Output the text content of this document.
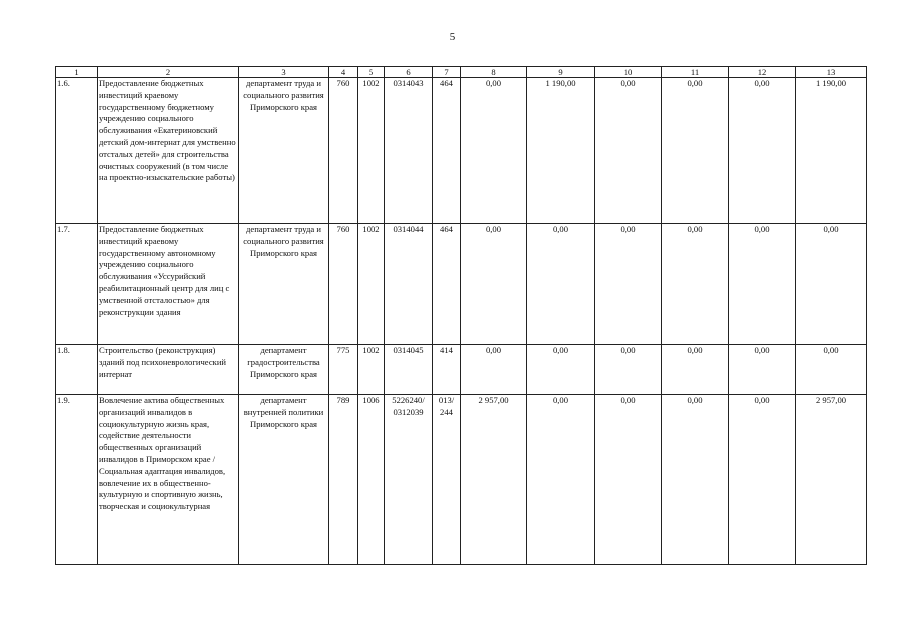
5
1	2	3	4	5	6	7	8	9	10	11	12	13
1.6.	Предоставление бюджетных инвестиций краевому государственному бюджетному учреждению социального обслуживания «Екатериновский детский дом-интернат для умственно отсталых детей» для строительства очистных сооружений (в том числе на проектно-изыскательские работы)	департамент труда и социального развития Приморского края	760	1002	0314043	464	0,00	1 190,00	0,00	0,00	0,00	1 190,00
1.7.	Предоставление бюджетных инвестиций краевому государственному автономному учреждению социального обслуживания «Уссурийский реабилитационный центр для лиц с умственной отсталостью» для реконструкции здания	департамент труда и социального развития Приморского края	760	1002	0314044	464	0,00	0,00	0,00	0,00	0,00	0,00
1.8.	Строительство (реконструкция) зданий под психоневрологический интернат	департамент градостроительства Приморского края	775	1002	0314045	414	0,00	0,00	0,00	0,00	0,00	0,00
1.9.	Вовлечение актива общественных организаций инвалидов в социокультурную жизнь края, содействие деятельности общественных организаций инвалидов в Приморском крае / Социальная адаптация инвалидов, вовлечение их в общественно-культурную и спортивную жизнь, творческая и социокультурная	департамент внутренней политики Приморского края	789	1006	5226240/ 0312039	013/ 244	2 957,00	0,00	0,00	0,00	0,00	2 957,00
